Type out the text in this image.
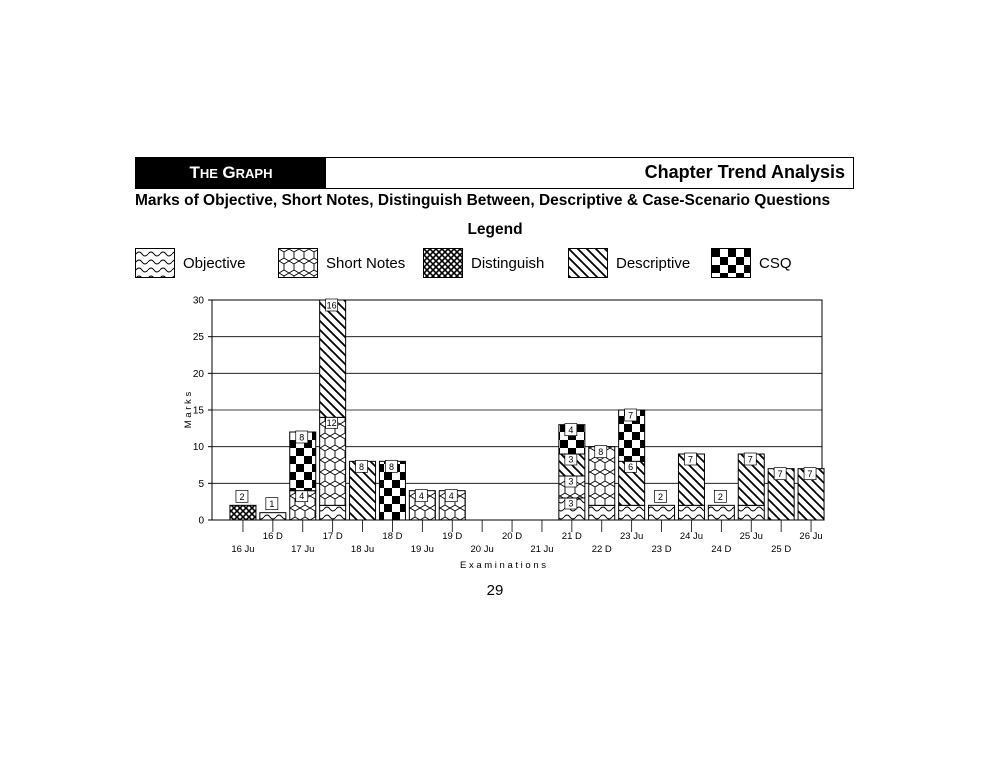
THE GRAPH	Chapter Trend Analysis
Marks of Objective, Short Notes, Distinguish Between, Descriptive & Case-Scenario Questions
Legend
Objective	Short Notes	Distinguish	Descriptive	CSQ
0
5
10
15
20
25
30
M a r k s
E x a m i n a t i o n s
16 Ju
2
16 D
1
17 Ju
4
8
17 D
12
16
18 Ju
8
18 D
8
19 Ju
4
19 D
4
20 Ju
20 D
21 Ju
21 D
3
3
3
4
22 D
8
23 Ju
6
7
23 D
2
24 Ju
7
24 D
2
25 Ju
7
25 D
7
26 Ju
7
29
